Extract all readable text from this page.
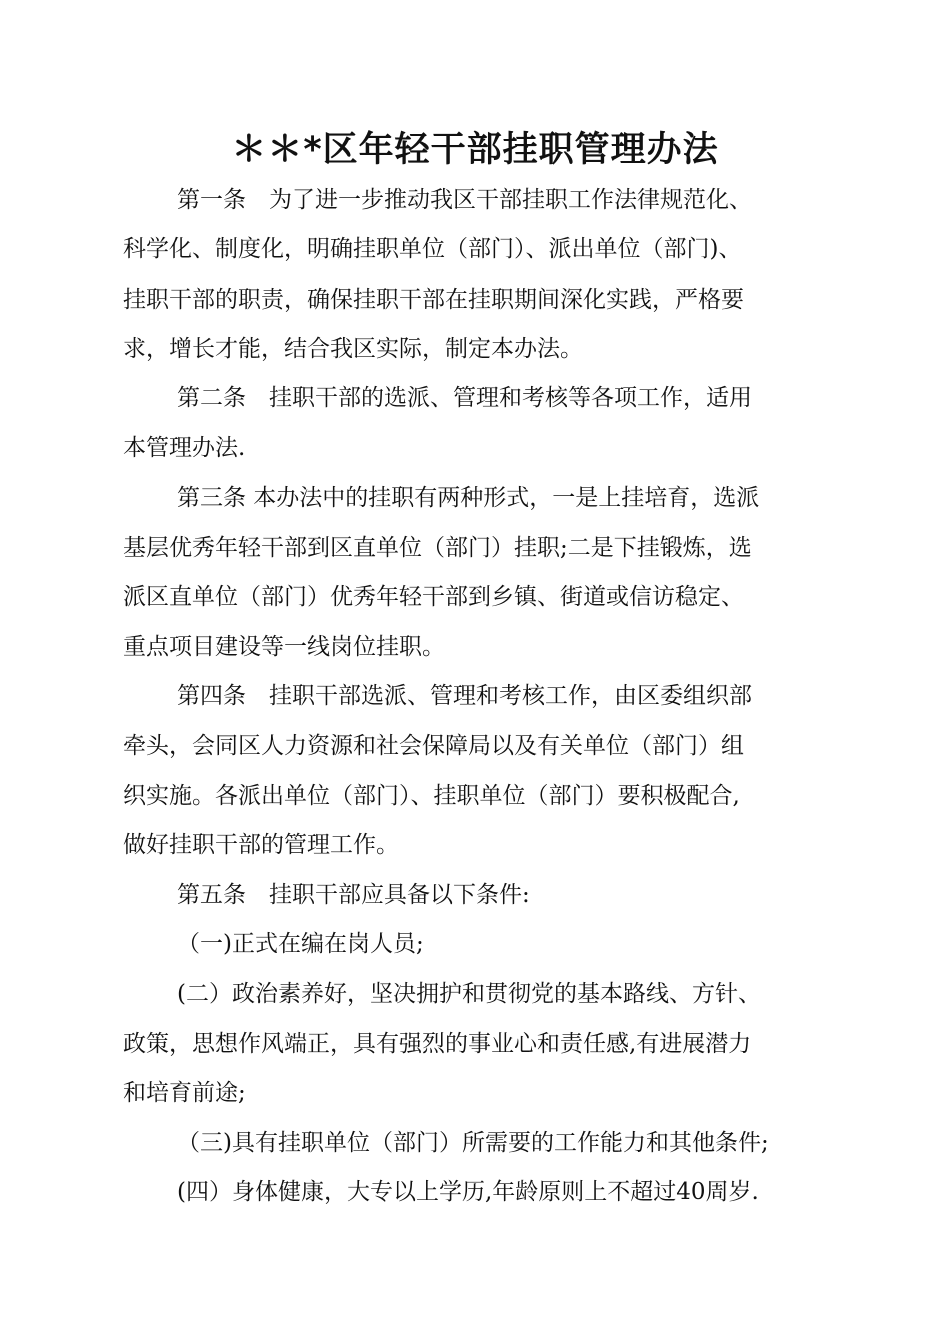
＊＊*区年轻干部挂职管理办法
第一条　为了进一步推动我区干部挂职工作法律规范化、
科学化、制度化，明确挂职单位（部门）、派出单位（部门)、
挂职干部的职责，确保挂职干部在挂职期间深化实践，严格要
求，增长才能，结合我区实际，制定本办法。
第二条　挂职干部的选派、管理和考核等各项工作，适用
本管理办法.
第三条 本办法中的挂职有两种形式，一是上挂培育，选派
基层优秀年轻干部到区直单位（部门）挂职;二是下挂锻炼，选
派区直单位（部门）优秀年轻干部到乡镇、街道或信访稳定、
重点项目建设等一线岗位挂职。
第四条　挂职干部选派、管理和考核工作，由区委组织部
牵头，会同区人力资源和社会保障局以及有关单位（部门）组
织实施。各派出单位（部门）、挂职单位（部门）要积极配合,
做好挂职干部的管理工作。
第五条　挂职干部应具备以下条件:
（一)正式在编在岗人员;
(二）政治素养好，坚决拥护和贯彻党的基本路线、方针、
政策，思想作风端正，具有强烈的事业心和责任感,有进展潜力
和培育前途;
（三)具有挂职单位（部门）所需要的工作能力和其他条件;
(四）身体健康，大专以上学历,年龄原则上不超过40周岁.
